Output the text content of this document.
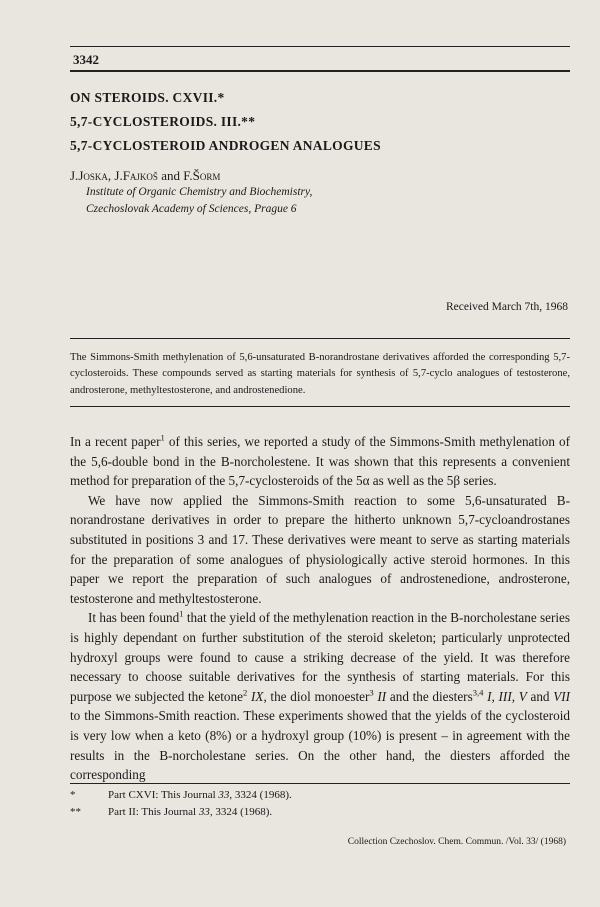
3342
ON STEROIDS. CXVII.*
5,7-CYCLOSTEROIDS. III.**
5,7-CYCLOSTEROID ANDROGEN ANALOGUES
J.Joska, J.Fajkoš and F.Šorm
Institute of Organic Chemistry and Biochemistry,
Czechoslovak Academy of Sciences, Prague 6
Received March 7th, 1968
The Simmons-Smith methylenation of 5,6-unsaturated B-norandrostane derivatives afforded the corresponding 5,7-cyclosteroids. These compounds served as starting materials for synthesis of 5,7-cyclo analogues of testosterone, androsterone, methyltestosterone, and androstenedione.

In a recent paper$^1$ of this series, we reported a study of the Simmons-Smith methylenation of the 5,6-double bond in the B-norcholestene. It was shown that this represents a convenient method for preparation of the 5,7-cyclosteroids of the 5α as well as the 5β series.

We have now applied the Simmons-Smith reaction to some 5,6-unsaturated B-norandrostane derivatives in order to prepare the hitherto unknown 5,7-cycloandrostanes substituted in positions 3 and 17. These derivatives were meant to serve as starting materials for the preparation of some analogues of physiologically active steroid hormones. In this paper we report the preparation of such analogues of androstenedione, androsterone, testosterone and methyltestosterone.

It has been found$^1$ that the yield of the methylenation reaction in the B-norcholestane series is highly dependant on further substitution of the steroid skeleton; particularly unprotected hydroxyl groups were found to cause a striking decrease of the yield. It was therefore necessary to choose suitable derivatives for the synthesis of starting materials. For this purpose we subjected the ketone$^2$ IX, the diol monoester$^3$ II and the diesters$^{3,4}$ I, III, V and VII to the Simmons-Smith reaction. These experiments showed that the yields of the cyclosteroid is very low when a keto (8%) or a hydroxyl group (10%) is present – in agreement with the results in the B-norcholestane series. On the other hand, the diesters afforded the corresponding

*	Part CXVI: This Journal 33, 3324 (1968).
** Part II: This Journal 33, 3324 (1968).
Collection Czechoslov. Chem. Commun. /Vol. 33/ (1968)
